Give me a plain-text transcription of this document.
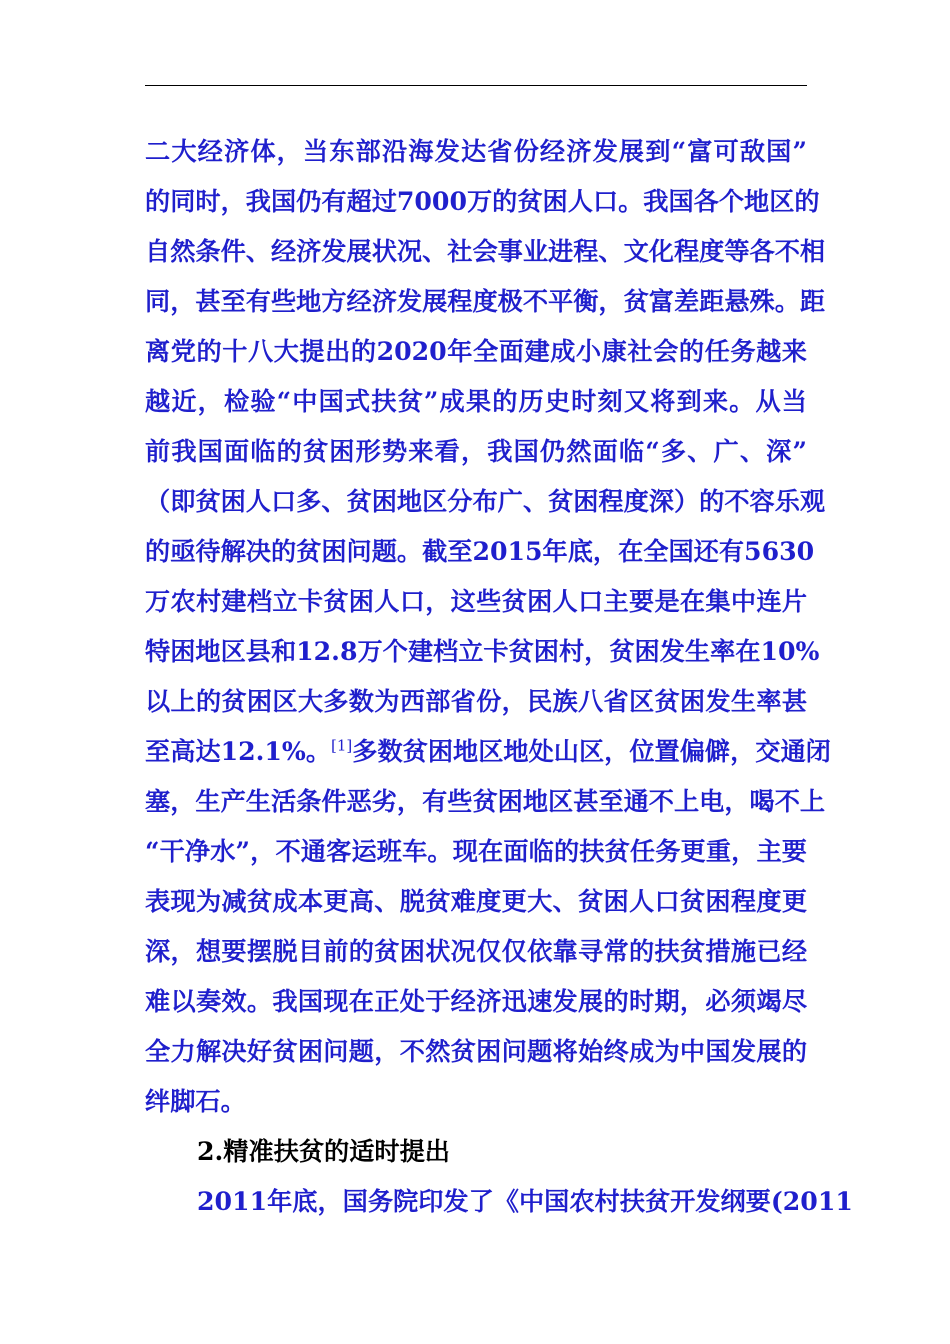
二大经济体，当东部沿海发达省份经济发展到“富可敌国”
的同时，我国仍有超过7000万的贫困人口。我国各个地区的
自然条件、经济发展状况、社会事业进程、文化程度等各不相
同，甚至有些地方经济发展程度极不平衡，贫富差距悬殊。距
离党的十八大提出的2020年全面建成小康社会的任务越来
越近，检验“中国式扶贫”成果的历史时刻又将到来。从当
前我国面临的贫困形势来看，我国仍然面临“多、广、深”
（即贫困人口多、贫困地区分布广、贫困程度深）的不容乐观
的亟待解决的贫困问题。截至2015年底，在全国还有5630
万农村建档立卡贫困人口，这些贫困人口主要是在集中连片
特困地区县和12.8万个建档立卡贫困村，贫困发生率在10%
以上的贫困区大多数为西部省份，民族八省区贫困发生率甚
至高达12.1%。[1]多数贫困地区地处山区，位置偏僻，交通闭
塞，生产生活条件恶劣，有些贫困地区甚至通不上电，喝不上
“干净水”，不通客运班车。现在面临的扶贫任务更重，主要
表现为减贫成本更高、脱贫难度更大、贫困人口贫困程度更
深，想要摆脱目前的贫困状况仅仅依靠寻常的扶贫措施已经
难以奏效。我国现在正处于经济迅速发展的时期，必须竭尽
全力解决好贫困问题，不然贫困问题将始终成为中国发展的
绊脚石。
2.精准扶贫的适时提出
2011年底，国务院印发了《中国农村扶贫开发纲要(2011
